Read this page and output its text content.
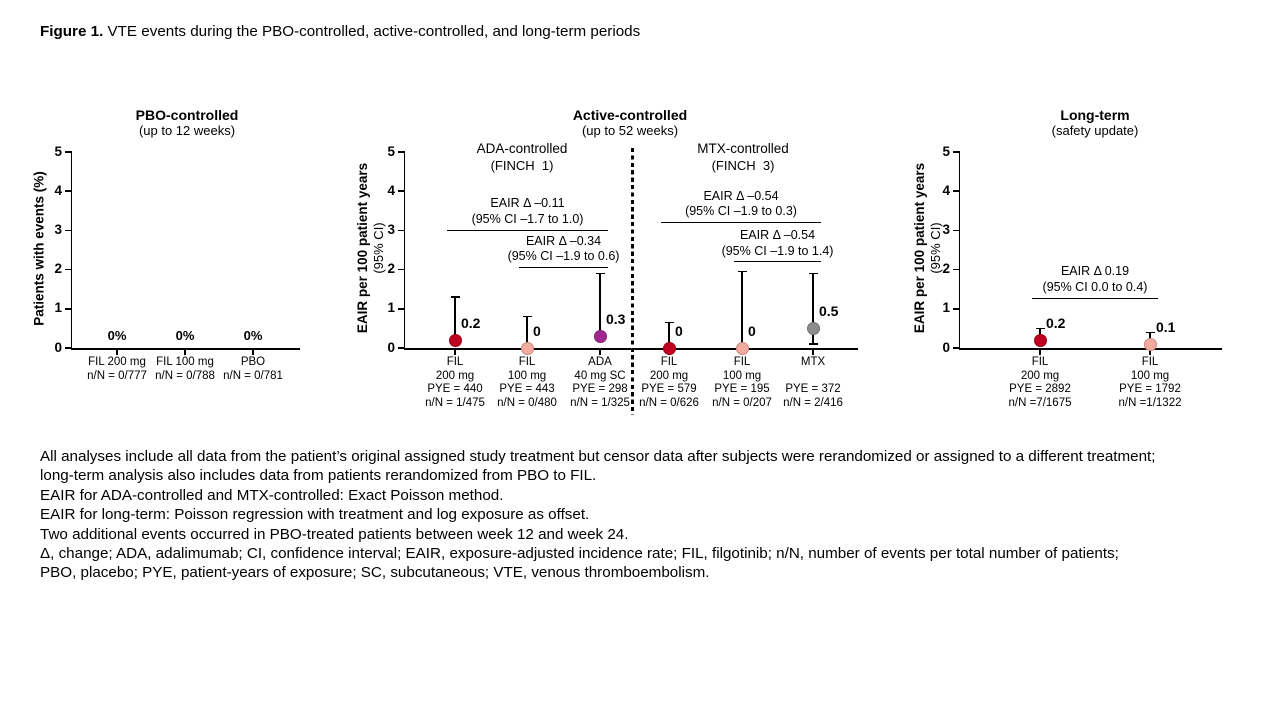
Figure 1. VTE events during the PBO-controlled, active-controlled, and long-term periods
0
1
2
3
4
5
PBO-controlled
(up to 12 weeks)
Patients with events (%)
FIL 200 mg
n/N = 0/777
0%
FIL 100 mg
n/N = 0/788
0%
PBO
n/N = 0/781
0%
0
1
2
3
4
5
Active-controlled
(up to 52 weeks)
EAIR per 100 patient years (95% CI)
ADA-controlled
(FINCH  1)
MTX-controlled
(FINCH  3)
FIL
200 mg
PYE = 440
n/N = 1/475
0.2
FIL
100 mg
PYE = 443
n/N = 0/480
0
ADA
40 mg SC
PYE = 298
n/N = 1/325
0.3
FIL
200 mg
PYE = 579
n/N = 0/626
0
FIL
100 mg
PYE = 195
n/N = 0/207
0
MTX

PYE = 372
n/N = 2/416
0.5
EAIR Δ –0.11
(95% CI –1.7 to 1.0)
EAIR Δ –0.34
(95% CI –1.9 to 0.6)
EAIR Δ –0.54
(95% CI –1.9 to 0.3)
EAIR Δ –0.54
(95% CI –1.9 to 1.4)
0
1
2
3
4
5
Long-term
(safety update)
EAIR per 100 patient years (95% CI)
FIL
200 mg
PYE = 2892
n/N =7/1675
0.2
FIL
100 mg
PYE = 1792
n/N =1/1322
0.1
EAIR Δ 0.19
(95% CI 0.0 to 0.4)
All analyses include all data from the patient’s original assigned study treatment but censor data after subjects were rerandomized or assigned to a different treatment;
long-term analysis also includes data from patients rerandomized from PBO to FIL.
EAIR for ADA-controlled and MTX-controlled: Exact Poisson method.
EAIR for long-term: Poisson regression with treatment and log exposure as offset.
Two additional events occurred in PBO-treated patients between week 12 and week 24.
Δ, change; ADA, adalimumab; CI, confidence interval; EAIR, exposure-adjusted incidence rate; FIL, filgotinib; n/N, number of events per total number of patients;
PBO, placebo; PYE, patient-years of exposure; SC, subcutaneous; VTE, venous thromboembolism.
